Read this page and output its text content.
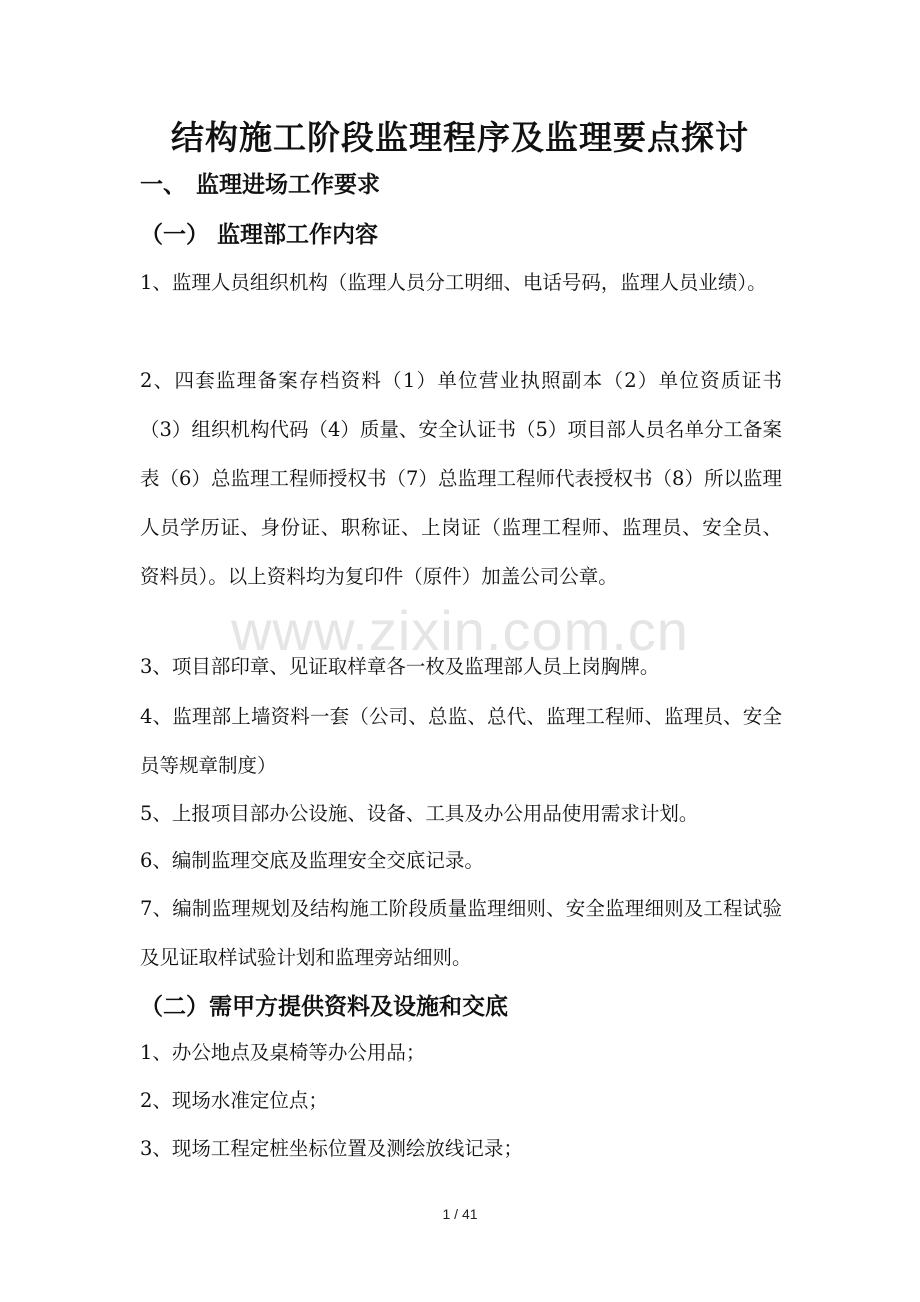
结构施工阶段监理程序及监理要点探讨
一、 监理进场工作要求
（一） 监理部工作内容

1、监理人员组织机构（监理人员分工明细、电话号码，监理人员业绩）。

2、四套监理备案存档资料（1）单位营业执照副本（2）单位资质证书（3）组织机构代码（4）质量、安全认证书（5）项目部人员名单分工备案表（6）总监理工程师授权书（7）总监理工程师代表授权书（8）所以监理人员学历证、身份证、职称证、上岗证（监理工程师、监理员、安全员、资料员）。以上资料均为复印件（原件）加盖公司公章。

3、项目部印章、见证取样章各一枚及监理部人员上岗胸牌。

4、监理部上墙资料一套（公司、总监、总代、监理工程师、监理员、安全员等规章制度）

5、上报项目部办公设施、设备、工具及办公用品使用需求计划。

6、编制监理交底及监理安全交底记录。

7、编制监理规划及结构施工阶段质量监理细则、安全监理细则及工程试验及见证取样试验计划和监理旁站细则。

（二）需甲方提供资料及设施和交底

1、办公地点及桌椅等办公用品；

2、现场水准定位点；

3、现场工程定桩坐标位置及测绘放线记录；

www.zixin.com.cn
1 / 41
